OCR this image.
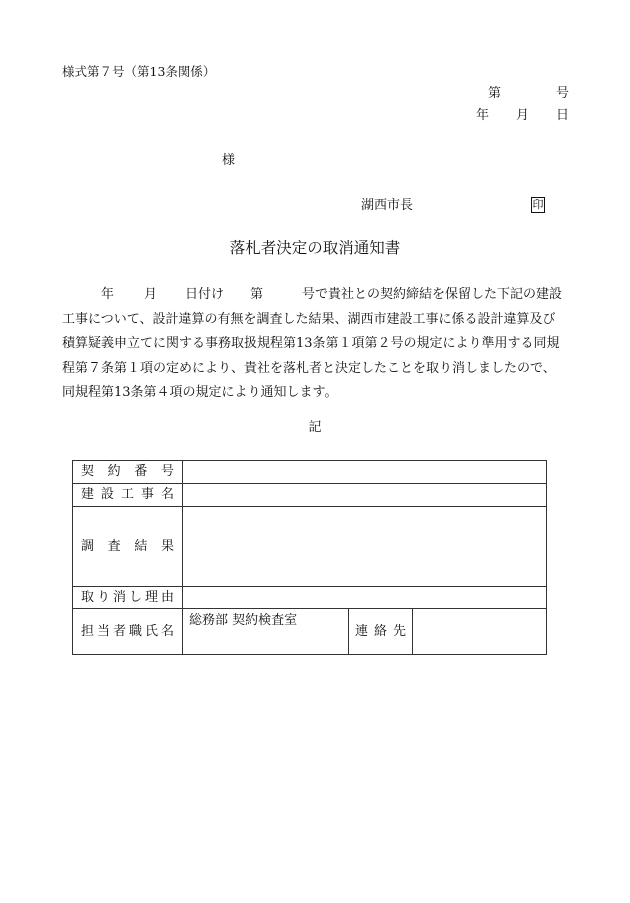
様式第７号（第13条関係）
第	号
年 月 日
様
湖西市長	印
落札者決定の取消通知書
年 月 日付け 第	号で貴社との契約締結を保留した下記の建設
工事について、設計違算の有無を調査した結果、湖西市建設工事に係る設計違算及び
積算疑義申立てに関する事務取扱規程第13条第１項第２号の規定により準用する同規
程第７条第１項の定めにより、貴社を落札者と決定したことを取り消しましたので、
同規程第13条第４項の規定により通知します。
記
契約番号			
建設工事名			
調査結果			
取り消し理由			
担当者職氏名	総務部 契約検査室	連絡先	
